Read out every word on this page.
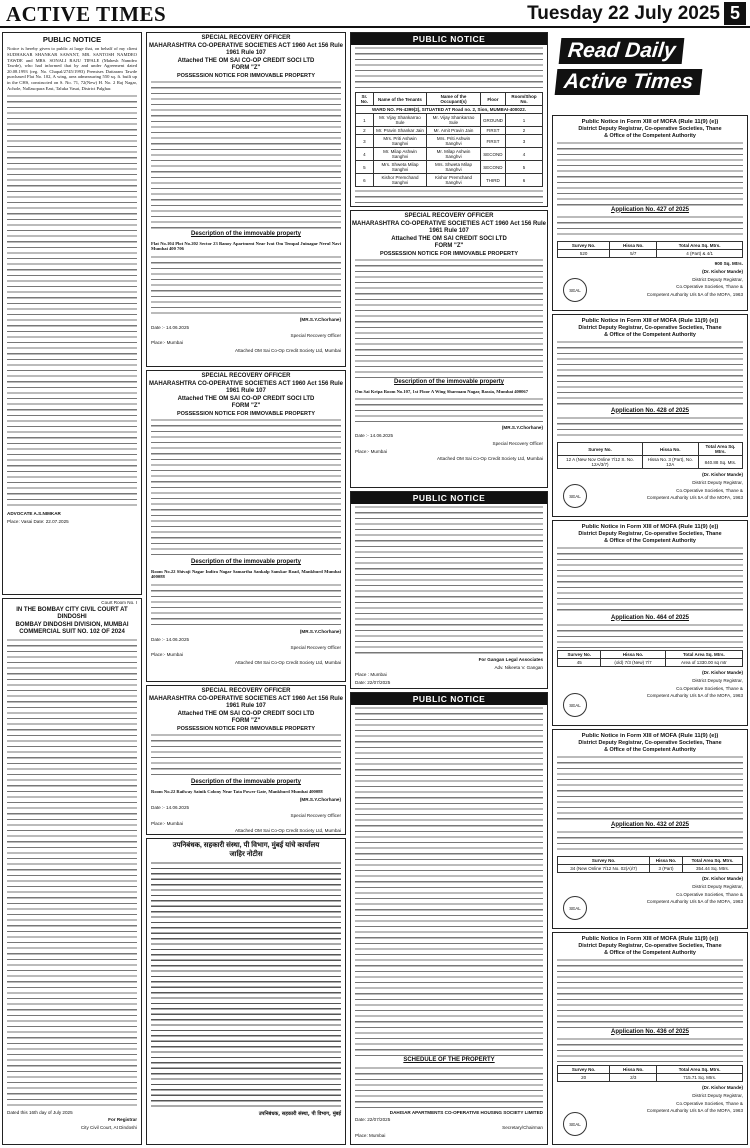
ACTIVE TIMES	Tuesday 22 July 2025 5
PUBLIC NOTICE
Notice is hereby given to public at large that, on behalf of my client SUDHAKAR SHANKAR SAWANT, MR. SANTOSH NAMDEO TAWDE and MRS. SONALI RAJU TIPALE (Mahesh Namdeo Tawde), who had informed that by and under Agreement dated 20.08.1993 (reg. No. Chapal/2745/1993) Premises Dattaram Tawde purchased Flat No. 102, A wing, area admeasuring 550 sq. ft. built up in the CHS, constructed on S. No. 71, 72(New) H. No. 2 Raj Nagar, Achole, Nallasopara East, Taluka Vasai, District Palghar.
ADVOCATE A.S.NIMKAR
Place: Vasai Date: 22.07.2025
Court Room No. I
IN THE BOMBAY CITY CIVIL COURT AT DINDOSHI
BOMBAY DINDOSHI DIVISION, MUMBAI COMMERCIAL SUIT NO. 102 OF 2024
Dated this 16th day of July 2025
For Registrar
City Civil Court, At Dindoshi
SPECIAL RECOVERY OFFICER
MAHARASHTRA CO-OPERATIVE SOCIETIES ACT 1960 Act 156 Rule 1961 Rule 107
Attached THE OM SAI CO-OP CREDIT SOCI LTD
FORM "Z"
POSSESSION NOTICE FOR IMMOVABLE PROPERTY
Description of the immovable property
Flat No.104 Plot No.202 Sector 23 Banoy Apartment Near Ivat Om Tempal Juinagar Nerul Navi Mumbai 400 706
(MR.S.Y.Chorhane)
Date :- 14.06.2025
Special Recovery Officer
Place:- Mumbai
Attached OM Sai Co-Op Credit Society Ltd, Mumbai
SPECIAL RECOVERY OFFICER
MAHARASHTRA CO-OPERATIVE SOCIETIES ACT 1960 Act 156 Rule 1961 Rule 107
Attached THE OM SAI CO-OP CREDIT SOCI LTD
FORM "Z"
POSSESSION NOTICE FOR IMMOVABLE PROPERTY
Description of the immovable property
Room No.22 Shivaji Nagar Indira Nagar Samartha Sankalp Sanskar Road, Mankhurd Mumbai 400088
(MR.S.Y.Chorhane)
Date :- 14.06.2025
Special Recovery Officer
Place:- Mumbai
Attached OM Sai Co-Op Credit Society Ltd, Mumbai
SPECIAL RECOVERY OFFICER
MAHARASHTRA CO-OPERATIVE SOCIETIES ACT 1960 Act 156 Rule 1961 Rule 107
Attached THE OM SAI CO-OP CREDIT SOCI LTD
FORM "Z"
POSSESSION NOTICE FOR IMMOVABLE PROPERTY
Description of the immovable property
Room No.22 Railway Sainik Colony Near Tata Power Gate, Mankhurd Mumbai 400088
(MR.S.Y.Chorhane)
Date :- 14.06.2025
Special Recovery Officer
Place:- Mumbai
Attached OM Sai Co-Op Credit Society Ltd, Mumbai
उपनिबंधक, सहकारी संस्था, पी विभाग, मुंबई यांचे कार्यालय
जाहिर नोटीस
उपनिबंधक, सहकारी संस्था, पी विभाग, मुंबई
PUBLIC NOTICE
Sr. No.	Name of the Tenants	Name of the Occupant(s)	Floor	Room/Shop No.
WARD NO. FN-4399(2), SITUATED AT Road no. 2, Sion, MUMBAI-400022.				
1	Mr. Vijay Shankarrao Sule	Mr. Vijay Shankarrao Sule	GROUND	1
2	Mr. Pravin Shankar Jain	Mr. Amit Pravin Jain	FIRST	2
3	Mrs. Priti Ashwin Sanghvi	Mrs. Priti Ashwin Sanghvi	FIRST	3
4	Mr. Milap Ashwin Sanghvi	Mr. Milap Ashwin Sanghvi	SECOND	4
5	Mrs. Shweta Milap Sanghvi	Mrs. Shweta Milap Sanghvi	SECOND	5
6	Kishor Premchand Sanghvi	Kishor Premchand Sanghvi	THIRD	6
SPECIAL RECOVERY OFFICER
MAHARASHTRA CO-OPERATIVE SOCIETIES ACT 1960 Act 156 Rule 1961 Rule 107
Attached THE OM SAI CREDIT SOCI LTD
FORM "Z"
POSSESSION NOTICE FOR IMMOVABLE PROPERTY
Description of the immovable property
Om Sai Kripa Room No.107, 1st Floor A Wing Sharmam Nagar, Bassia, Mumbai 400067
(MR.S.Y.Chorhane)
Date :- 14.06.2025
Special Recovery Officer
Place:- Mumbai
Attached OM Sai Co-Op Credit Society Ltd, Mumbai
PUBLIC NOTICE
For Gangan Legal Associates
Adv. Nikeeta V. Gangan
Place : Mumbai
Date: 22/07/2025
PUBLIC NOTICE
SCHEDULE OF THE PROPERTY
DAHISAR APARTMENTS CO-OPERATIVE HOUSING SOCIETY LIMITED
Date: 22/07/2025
Secretary/Chairman
Place: Mumbai
Read Daily
Active Times
Public Notice in Form XIII of MOFA (Rule 11(9) (e))
District Deputy Registrar, Co-operative Societies, Thane
& Office of the Competent Authority
Application No. 427 of 2025
Survey No.	Hissa No.	Total Area Sq. Mtrs.
520	5/7	4 (Part) & 4/1
900 Sq. Mtrs.
SEAL
(Dr. Kishor Mande)
District Deputy Registrar,
Co.Operative Societies, Thane &
Competent Authority U/s 5A of the MOFA, 1963
Public Notice in Form XIII of MOFA (Rule 11(9) (e))
District Deputy Registrar, Co-operative Societies, Thane
& Office of the Competent Authority
Application No. 428 of 2025
Survey No.	Hissa No.	Total Area Sq. Mtrs.
12 A (New Nov Online 7/12 S. No. 12A/3/7)	Hissa No. 3 (Part), No. 12A	840.88 Sq. Mts.
SEAL
(Dr. Kishor Mande)
District Deputy Registrar,
Co.Operative Societies, Thane &
Competent Authority U/s 5A of the MOFA, 1963
Public Notice in Form XIII of MOFA (Rule 11(9) (e))
District Deputy Registrar, Co-operative Societies, Thane
& Office of the Competent Authority
Application No. 464 of 2025
Survey No.	Hissa No.	Total Area Sq. Mtrs.
45	(old) 7/3 (New) 7/7	Area of 1330.00 sq mtr
SEAL
(Dr. Kishor Mande)
District Deputy Registrar,
Co.Operative Societies, Thane &
Competent Authority U/s 5A of the MOFA, 1963
Public Notice in Form XIII of MOFA (Rule 11(9) (e))
District Deputy Registrar, Co-operative Societies, Thane
& Office of the Competent Authority
Application No. 432 of 2025
Survey No.	Hissa No.	Total Area Sq. Mtrs.
34 (New Online 7/12 No. 02(A)/7)	3 (Part)	354.44 Sq. Mtrs.
SEAL
(Dr. Kishor Mande)
District Deputy Registrar,
Co.Operative Societies, Thane &
Competent Authority U/s 5A of the MOFA, 1963
Public Notice in Form XIII of MOFA (Rule 11(9) (e))
District Deputy Registrar, Co-operative Societies, Thane
& Office of the Competent Authority
Application No. 436 of 2025
Survey No.	Hissa No.	Total Area Sq. Mtrs.
20	2/3	715.71 Sq. Mtrs.
SEAL
(Dr. Kishor Mande)
District Deputy Registrar,
Co.Operative Societies, Thane &
Competent Authority U/s 5A of the MOFA, 1963
